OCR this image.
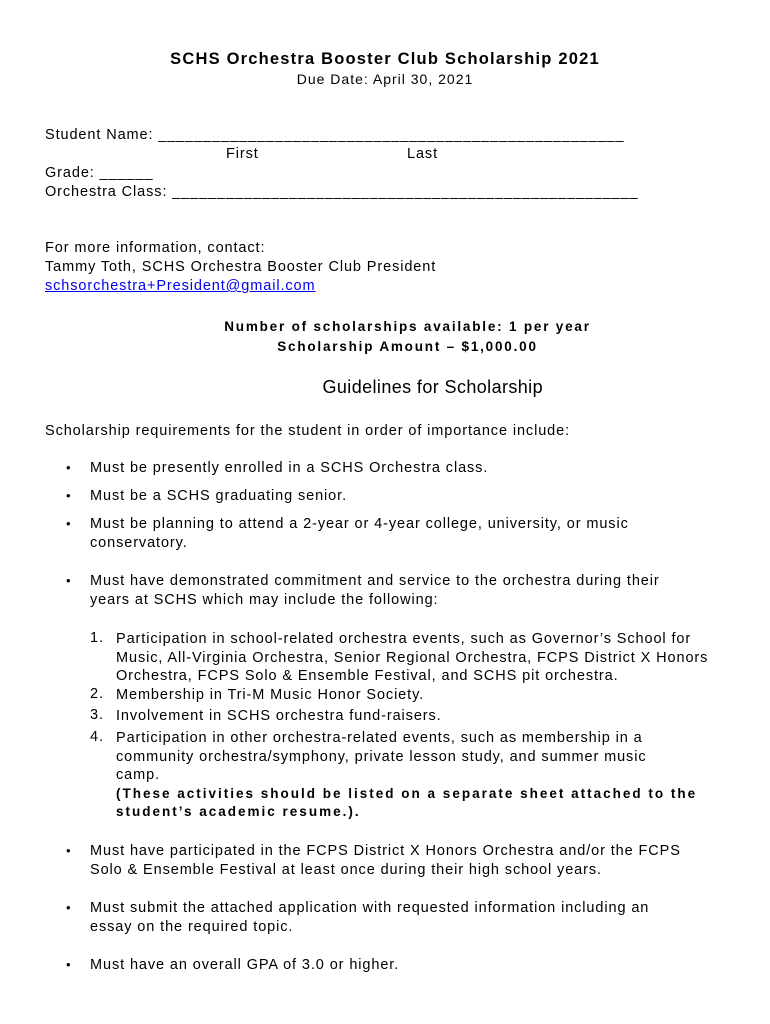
SCHS Orchestra Booster Club Scholarship 2021
Due Date: April 30, 2021
Student Name: ____________________________________________________
First	Last
Grade: ______
Orchestra Class: ____________________________________________________
For more information, contact:
Tammy Toth, SCHS Orchestra Booster Club President
schsorchestra+President@gmail.com
Number of scholarships available: 1 per year
Scholarship Amount – $1,000.00
Guidelines for Scholarship
Scholarship requirements for the student in order of importance include:
• Must be presently enrolled in a SCHS Orchestra class.
• Must be a SCHS graduating senior.
• Must be planning to attend a 2-year or 4-year college, university, or music
conservatory.
• Must have demonstrated commitment and service to the orchestra during their
years at SCHS which may include the following:
1. Participation in school-related orchestra events, such as Governor’s School for
Music, All-Virginia Orchestra, Senior Regional Orchestra, FCPS District X Honors
Orchestra, FCPS Solo & Ensemble Festival, and SCHS pit orchestra.
2. Membership in Tri-M Music Honor Society.
3. Involvement in SCHS orchestra fund-raisers.
4. Participation in other orchestra-related events, such as membership in a
community orchestra/symphony, private lesson study, and summer music
camp.
(These activities should be listed on a separate sheet attached to the
student’s academic resume.).
• Must have participated in the FCPS District X Honors Orchestra and/or the FCPS
Solo & Ensemble Festival at least once during their high school years.
• Must submit the attached application with requested information including an
essay on the required topic.
• Must have an overall GPA of 3.0 or higher.
